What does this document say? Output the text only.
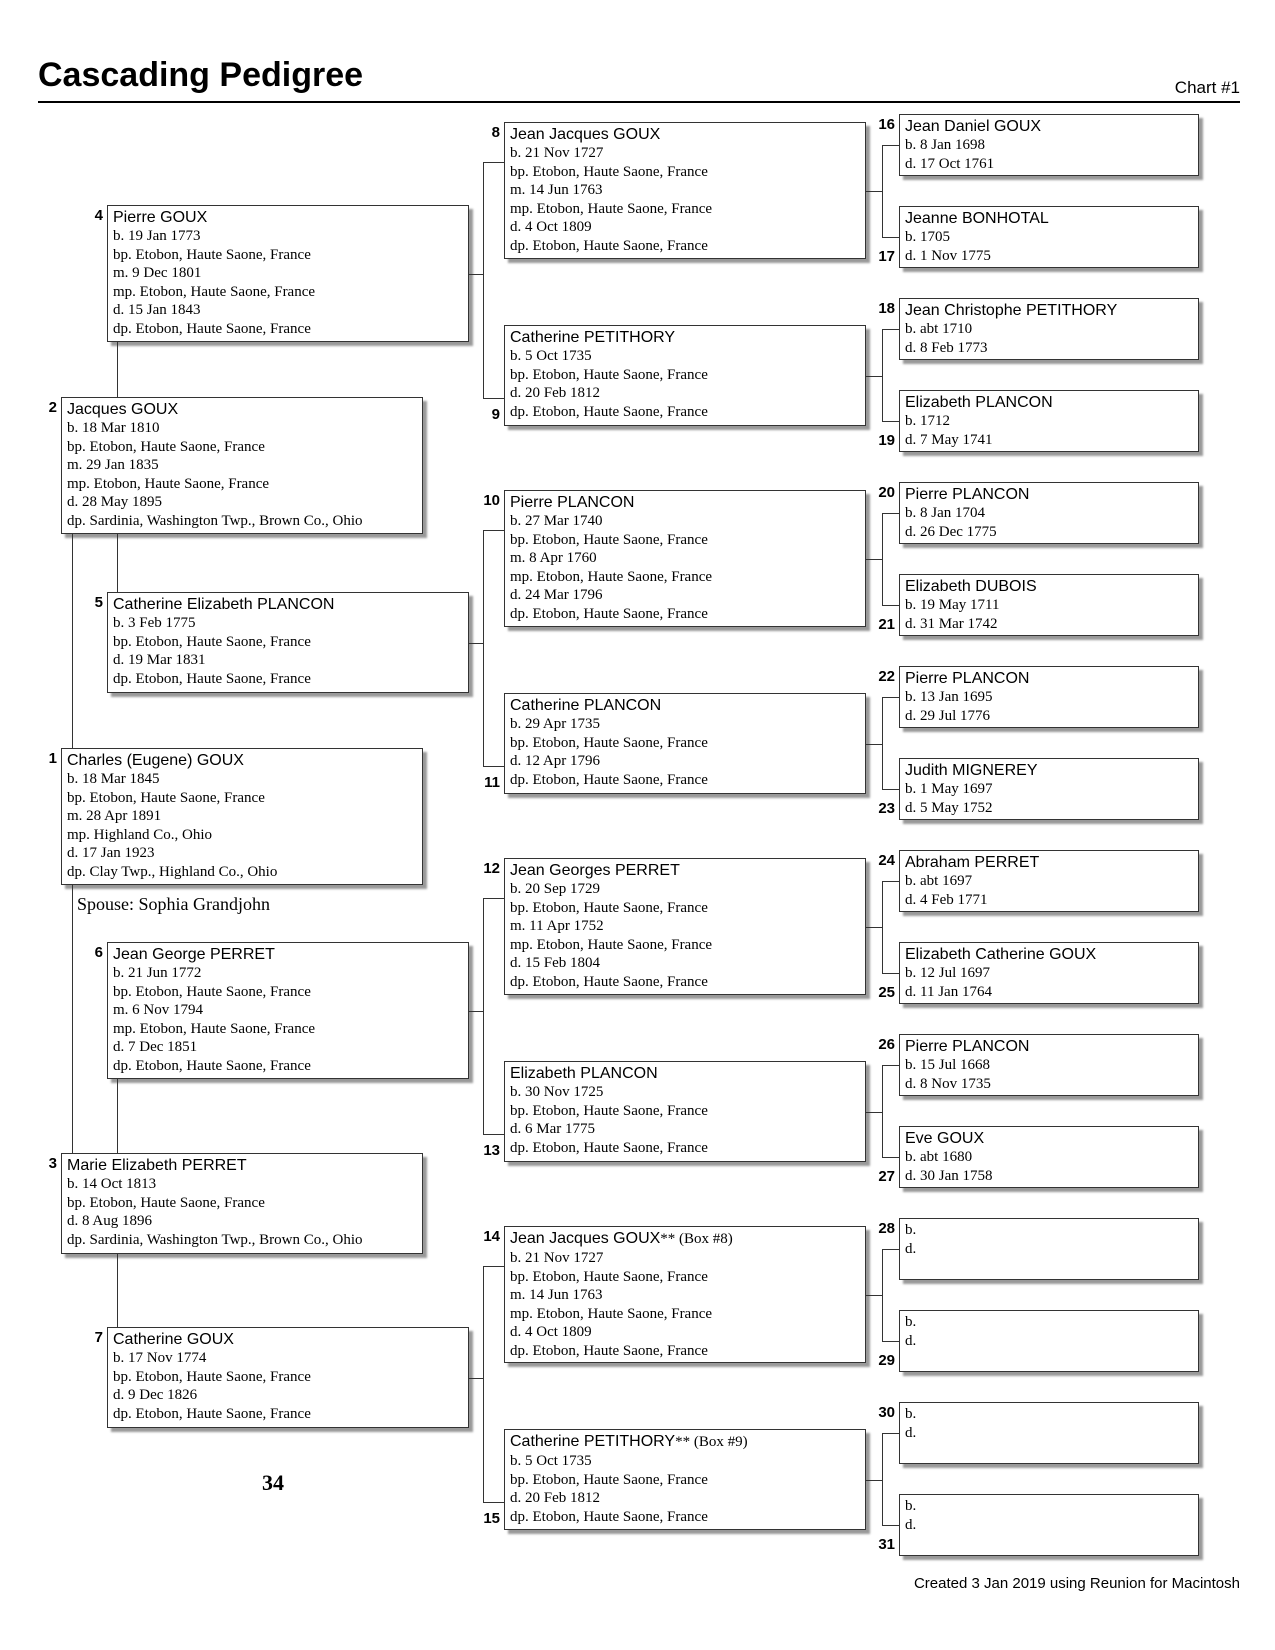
Cascading Pedigree	Chart #1
Charles (Eugene) GOUX
b. 18 Mar 1845
bp. Etobon, Haute Saone, France
m. 28 Apr 1891
mp. Highland Co., Ohio
d. 17 Jan 1923
dp. Clay Twp., Highland Co., Ohio
1
Jacques GOUX
b. 18 Mar 1810
bp. Etobon, Haute Saone, France
m. 29 Jan 1835
mp. Etobon, Haute Saone, France
d. 28 May 1895
dp. Sardinia, Washington Twp., Brown Co., Ohio
2
Marie Elizabeth PERRET
b. 14 Oct 1813
bp. Etobon, Haute Saone, France
d. 8 Aug 1896
dp. Sardinia, Washington Twp., Brown Co., Ohio
3
Pierre GOUX
b. 19 Jan 1773
bp. Etobon, Haute Saone, France
m. 9 Dec 1801
mp. Etobon, Haute Saone, France
d. 15 Jan 1843
dp. Etobon, Haute Saone, France
4
Catherine Elizabeth PLANCON
b. 3 Feb 1775
bp. Etobon, Haute Saone, France
d. 19 Mar 1831
dp. Etobon, Haute Saone, France
5
Jean George PERRET
b. 21 Jun 1772
bp. Etobon, Haute Saone, France
m. 6 Nov 1794
mp. Etobon, Haute Saone, France
d. 7 Dec 1851
dp. Etobon, Haute Saone, France
6
Catherine GOUX
b. 17 Nov 1774
bp. Etobon, Haute Saone, France
d. 9 Dec 1826
dp. Etobon, Haute Saone, France
7
Jean Jacques GOUX
b. 21 Nov 1727
bp. Etobon, Haute Saone, France
m. 14 Jun 1763
mp. Etobon, Haute Saone, France
d. 4 Oct 1809
dp. Etobon, Haute Saone, France
8
Catherine PETITHORY
b. 5 Oct 1735
bp. Etobon, Haute Saone, France
d. 20 Feb 1812
dp. Etobon, Haute Saone, France
9
Pierre PLANCON
b. 27 Mar 1740
bp. Etobon, Haute Saone, France
m. 8 Apr 1760
mp. Etobon, Haute Saone, France
d. 24 Mar 1796
dp. Etobon, Haute Saone, France
10
Catherine PLANCON
b. 29 Apr 1735
bp. Etobon, Haute Saone, France
d. 12 Apr 1796
dp. Etobon, Haute Saone, France
11
Jean Georges PERRET
b. 20 Sep 1729
bp. Etobon, Haute Saone, France
m. 11 Apr 1752
mp. Etobon, Haute Saone, France
d. 15 Feb 1804
dp. Etobon, Haute Saone, France
12
Elizabeth PLANCON
b. 30 Nov 1725
bp. Etobon, Haute Saone, France
d. 6 Mar 1775
dp. Etobon, Haute Saone, France
13
Jean Jacques GOUX** (Box #8)
b. 21 Nov 1727
bp. Etobon, Haute Saone, France
m. 14 Jun 1763
mp. Etobon, Haute Saone, France
d. 4 Oct 1809
dp. Etobon, Haute Saone, France
14
Catherine PETITHORY** (Box #9)
b. 5 Oct 1735
bp. Etobon, Haute Saone, France
d. 20 Feb 1812
dp. Etobon, Haute Saone, France
15
Jean Daniel GOUX
b. 8 Jan 1698
d. 17 Oct 1761
16
Jeanne BONHOTAL
b. 1705
d. 1 Nov 1775
17
Jean Christophe PETITHORY
b. abt 1710
d. 8 Feb 1773
18
Elizabeth PLANCON
b. 1712
d. 7 May 1741
19
Pierre PLANCON
b. 8 Jan 1704
d. 26 Dec 1775
20
Elizabeth DUBOIS
b. 19 May 1711
d. 31 Mar 1742
21
Pierre PLANCON
b. 13 Jan 1695
d. 29 Jul 1776
22
Judith MIGNEREY
b. 1 May 1697
d. 5 May 1752
23
Abraham PERRET
b. abt 1697
d. 4 Feb 1771
24
Elizabeth Catherine GOUX
b. 12 Jul 1697
d. 11 Jan 1764
25
Pierre PLANCON
b. 15 Jul 1668
d. 8 Nov 1735
26
Eve GOUX
b. abt 1680
d. 30 Jan 1758
27
b.
d.
28
b.
d.
29
b.
d.
30
b.
d.
31
Spouse: Sophia Grandjohn
34
Created 3 Jan 2019 using Reunion for Macintosh
